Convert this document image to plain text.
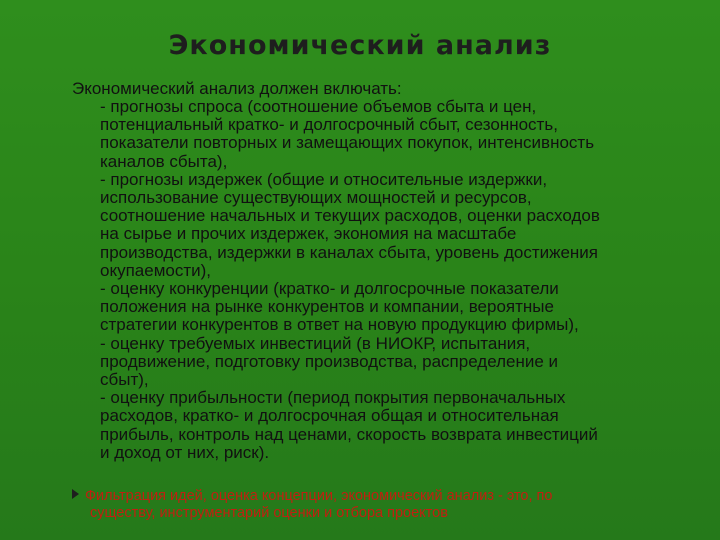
Экономический анализ
Экономический анализ должен включать:
- прогнозы спроса (соотношение объемов сбыта и цен,
потенциальный кратко- и долгосрочный сбыт, сезонность,
показатели повторных и замещающих покупок, интенсивность
каналов сбыта),
- прогнозы издержек (общие и относительные издержки,
использование существующих мощностей и ресурсов,
соотношение начальных и текущих расходов, оценки расходов
на сырье и прочих издержек, экономия на масштабе
производства, издержки в каналах сбыта, уровень достижения
окупаемости),
- оценку конкуренции (кратко- и долгосрочные показатели
положения на рынке конкурентов и компании, вероятные
стратегии конкурентов в ответ на новую продукцию фирмы),
- оценку требуемых инвестиций (в НИОКР, испытания,
продвижение, подготовку производства, распределение и
сбыт),
- оценку прибыльности (период покрытия первоначальных
расходов, кратко- и долгосрочная общая и относительная
прибыль, контроль над ценами, скорость возврата инвестиций
и доход от них, риск).
Фильтрация идей, оценка концепции, экономический анализ - это, по
существу, инструментарий оценки и отбора проектов
